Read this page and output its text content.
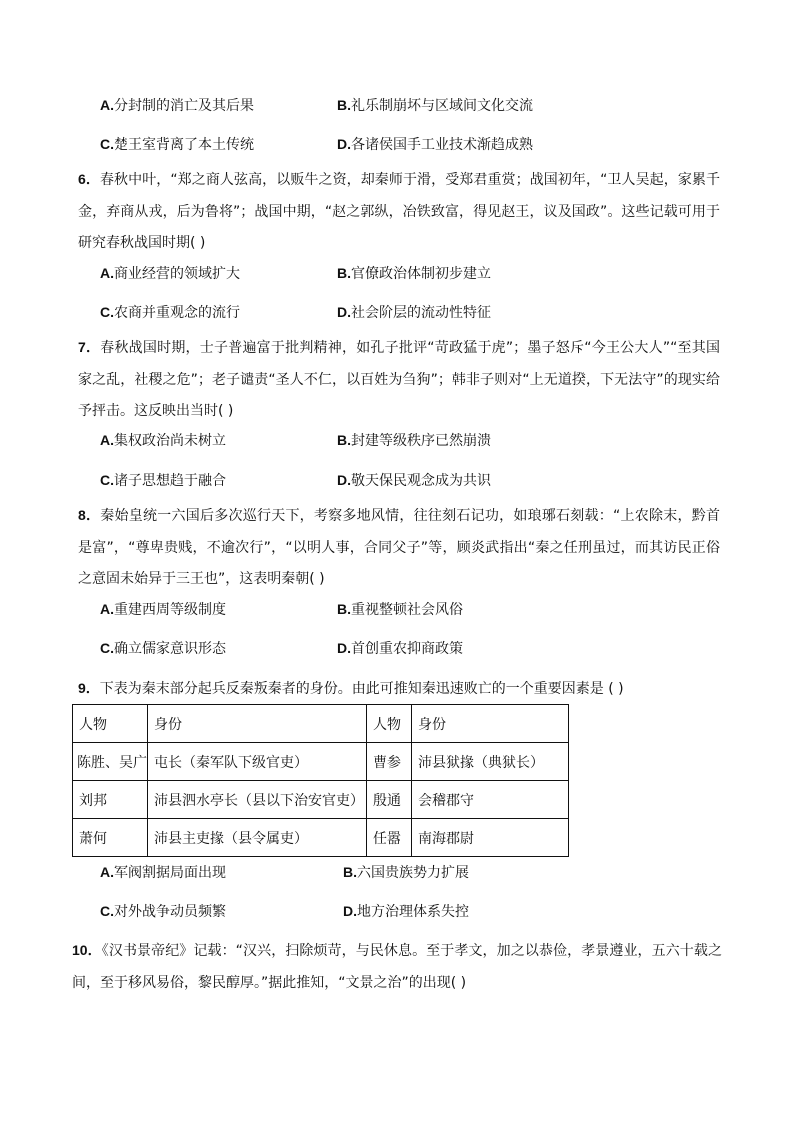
A.分封制的消亡及其后果	B.礼乐制崩坏与区域间文化交流
C.楚王室背离了本土传统	D.各诸侯国手工业技术渐趋成熟
6．春秋中叶，“郑之商人弦高，以贩牛之资，却秦师于滑，受郑君重赏；战国初年，“卫人吴起，家累千金，弃商从戎，后为鲁将”；战国中期，“赵之郭纵，冶铁致富，得见赵王，议及国政”。这些记载可用于研究春秋战国时期( )
A.商业经营的领域扩大	B.官僚政治体制初步建立
C.农商并重观念的流行	D.社会阶层的流动性特征
7．春秋战国时期，士子普遍富于批判精神，如孔子批评“苛政猛于虎”；墨子怒斥“今王公大人”“至其国家之乱，社稷之危”；老子谴责“圣人不仁，以百姓为刍狗”；韩非子则对“上无道揆，下无法守”的现实给予抨击。这反映出当时( )
A.集权政治尚未树立	B.封建等级秩序已然崩溃
C.诸子思想趋于融合	D.敬天保民观念成为共识
8．秦始皇统一六国后多次巡行天下，考察多地风情，往往刻石记功，如琅琊石刻载：“上农除末，黔首是富”，“尊卑贵贱，不逾次行”，“以明人事，合同父子”等，顾炎武指出“秦之任刑虽过，而其访民正俗之意固未始异于三王也”，这表明秦朝( )
A.重建西周等级制度	B.重视整顿社会风俗
C.确立儒家意识形态	D.首创重农抑商政策
9．下表为秦末部分起兵反秦叛秦者的身份。由此可推知秦迅速败亡的一个重要因素是 ( )
人物	身份	人物	身份
陈胜、吴广	屯长（秦军队下级官吏）	曹参	沛县狱掾（典狱长）
刘邦	沛县泗水亭长（县以下治安官吏）	殷通	会稽郡守
萧何	沛县主吏掾（县令属吏）	任嚣	南海郡尉
A.军阀割据局面出现	B.六国贵族势力扩展
C.对外战争动员频繁	D.地方治理体系失控
10．《汉书景帝纪》记载：“汉兴，扫除烦苛，与民休息。至于孝文，加之以恭俭，孝景遵业，五六十载之间，至于移风易俗，黎民醇厚。”据此推知，“文景之治”的出现( )
